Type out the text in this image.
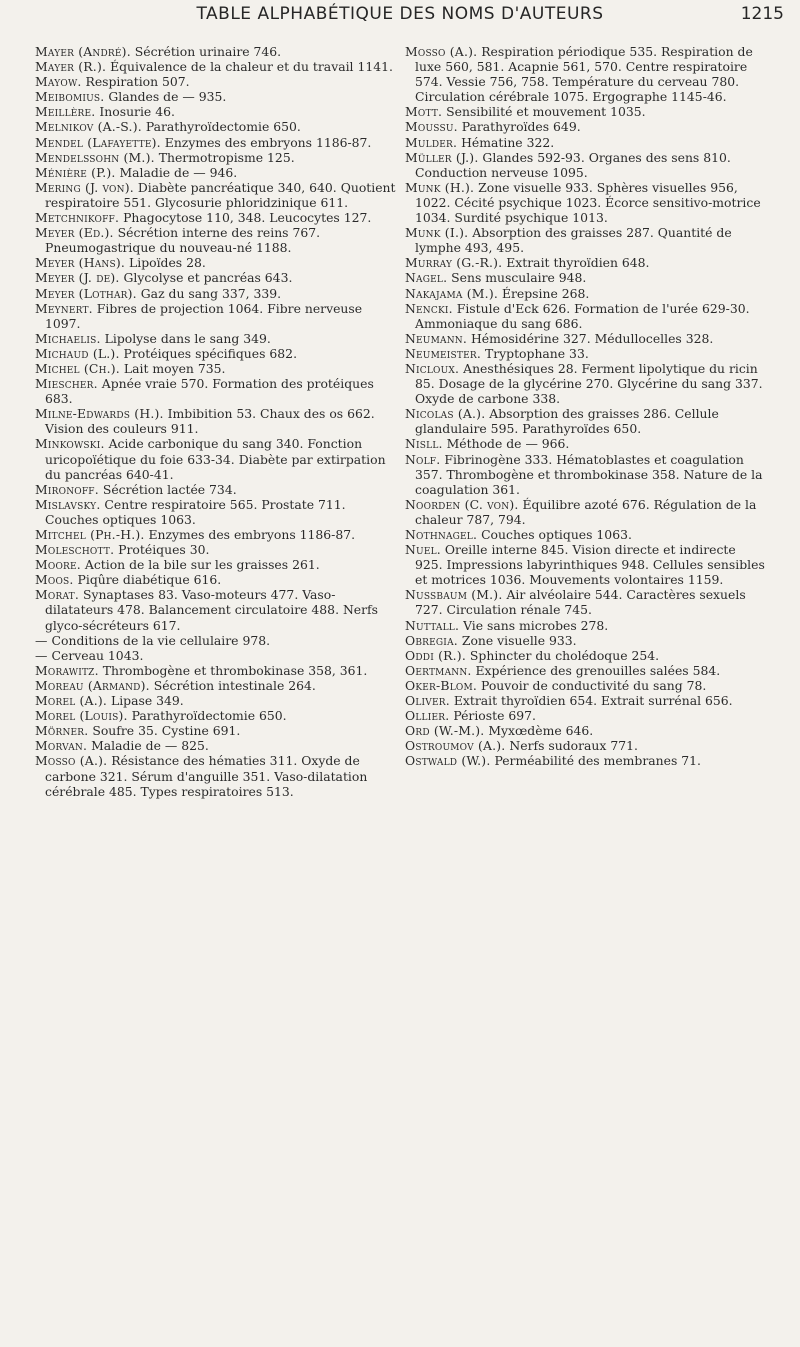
TABLE ALPHABÉTIQUE DES NOMS D'AUTEURS	1215

Mayer (André). Sécrétion urinaire 746.

Mayer (R.). Équivalence de la chaleur et du travail 1141.

Mayow. Respiration 507.

Meibomius. Glandes de — 935.

Meillère. Inosurie 46.

Melnikov (A.-S.). Parathyroïdectomie 650.

Mendel (Lafayette). Enzymes des embryons 1186-87.

Mendelssohn (M.). Thermotropisme 125.

Ménière (P.). Maladie de — 946.

Mering (J. von). Diabète pancréatique 340, 640. Quotient respiratoire 551. Glycosurie phloridzinique 611.

Metchnikoff. Phagocytose 110, 348. Leucocytes 127.

Meyer (Ed.). Sécrétion interne des reins 767. Pneumogastrique du nouveau-né 1188.

Meyer (Hans). Lipoïdes 28.

Meyer (J. de). Glycolyse et pancréas 643.

Meyer (Lothar). Gaz du sang 337, 339.

Meynert. Fibres de projection 1064. Fibre nerveuse 1097.

Michaelis. Lipolyse dans le sang 349.

Michaud (L.). Protéiques spécifiques 682.

Michel (Ch.). Lait moyen 735.

Miescher. Apnée vraie 570. Formation des protéiques 683.

Milne-Edwards (H.). Imbibition 53. Chaux des os 662. Vision des couleurs 911.

Minkowski. Acide carbonique du sang 340. Fonction uricopoïétique du foie 633-34. Diabète par extirpation du pancréas 640-41.

Mironoff. Sécrétion lactée 734.

Mislavsky. Centre respiratoire 565. Prostate 711. Couches optiques 1063.

Mitchel (Ph.-H.). Enzymes des embryons 1186-87.

Moleschott. Protéiques 30.

Moore. Action de la bile sur les graisses 261.

Moos. Piqûre diabétique 616.

Morat. Synaptases 83. Vaso-moteurs 477. Vaso-dilatateurs 478. Balancement circulatoire 488. Nerfs glyco-sécréteurs 617.

— Conditions de la vie cellulaire 978.

— Cerveau 1043.

Morawitz. Thrombogène et thrombokinase 358, 361.

Moreau (Armand). Sécrétion intestinale 264.

Morel (A.). Lipase 349.

Morel (Louis). Parathyroïdectomie 650.

Mörner. Soufre 35. Cystine 691.

Morvan. Maladie de — 825.

Mosso (A.). Résistance des hématies 311. Oxyde de carbone 321. Sérum d'anguille 351. Vaso-dilatation cérébrale 485. Types respiratoires 513.

Mosso (A.). Respiration périodique 535. Respiration de luxe 560, 581. Acapnie 561, 570. Centre respiratoire 574. Vessie 756, 758. Température du cerveau 780. Circulation cérébrale 1075. Ergographe 1145-46.

Mott. Sensibilité et mouvement 1035.

Moussu. Parathyroïdes 649.

Mulder. Hématine 322.

Müller (J.). Glandes 592-93. Organes des sens 810. Conduction nerveuse 1095.

Munk (H.). Zone visuelle 933. Sphères visuelles 956, 1022. Cécité psychique 1023. Écorce sensitivo-motrice 1034. Surdité psychique 1013.

Munk (I.). Absorption des graisses 287. Quantité de lymphe 493, 495.

Murray (G.-R.). Extrait thyroïdien 648.

Nagel. Sens musculaire 948.

Nakajama (M.). Érepsine 268.

Nencki. Fistule d'Eck 626. Formation de l'urée 629-30. Ammoniaque du sang 686.

Neumann. Hémosidérine 327. Médullocelles 328.

Neumeister. Tryptophane 33.

Nicloux. Anesthésiques 28. Ferment lipolytique du ricin 85. Dosage de la glycérine 270. Glycérine du sang 337. Oxyde de carbone 338.

Nicolas (A.). Absorption des graisses 286. Cellule glandulaire 595. Parathyroïdes 650.

Nisll. Méthode de — 966.

Nolf. Fibrinogène 333. Hématoblastes et coagulation 357. Thrombogène et thrombokinase 358. Nature de la coagulation 361.

Noorden (C. von). Équilibre azoté 676. Régulation de la chaleur 787, 794.

Nothnagel. Couches optiques 1063.

Nuel. Oreille interne 845. Vision directe et indirecte 925. Impressions labyrinthiques 948. Cellules sensibles et motrices 1036. Mouvements volontaires 1159.

Nussbaum (M.). Air alvéolaire 544. Caractères sexuels 727. Circulation rénale 745.

Nuttall. Vie sans microbes 278.

Obregia. Zone visuelle 933.

Oddi (R.). Sphincter du cholédoque 254.

Oertmann. Expérience des grenouilles salées 584.

Oker-Blom. Pouvoir de conductivité du sang 78.

Oliver. Extrait thyroïdien 654. Extrait surrénal 656.

Ollier. Périoste 697.

Ord (W.-M.). Myxœdème 646.

Ostroumov (A.). Nerfs sudoraux 771.

Ostwald (W.). Perméabilité des membranes 71.
